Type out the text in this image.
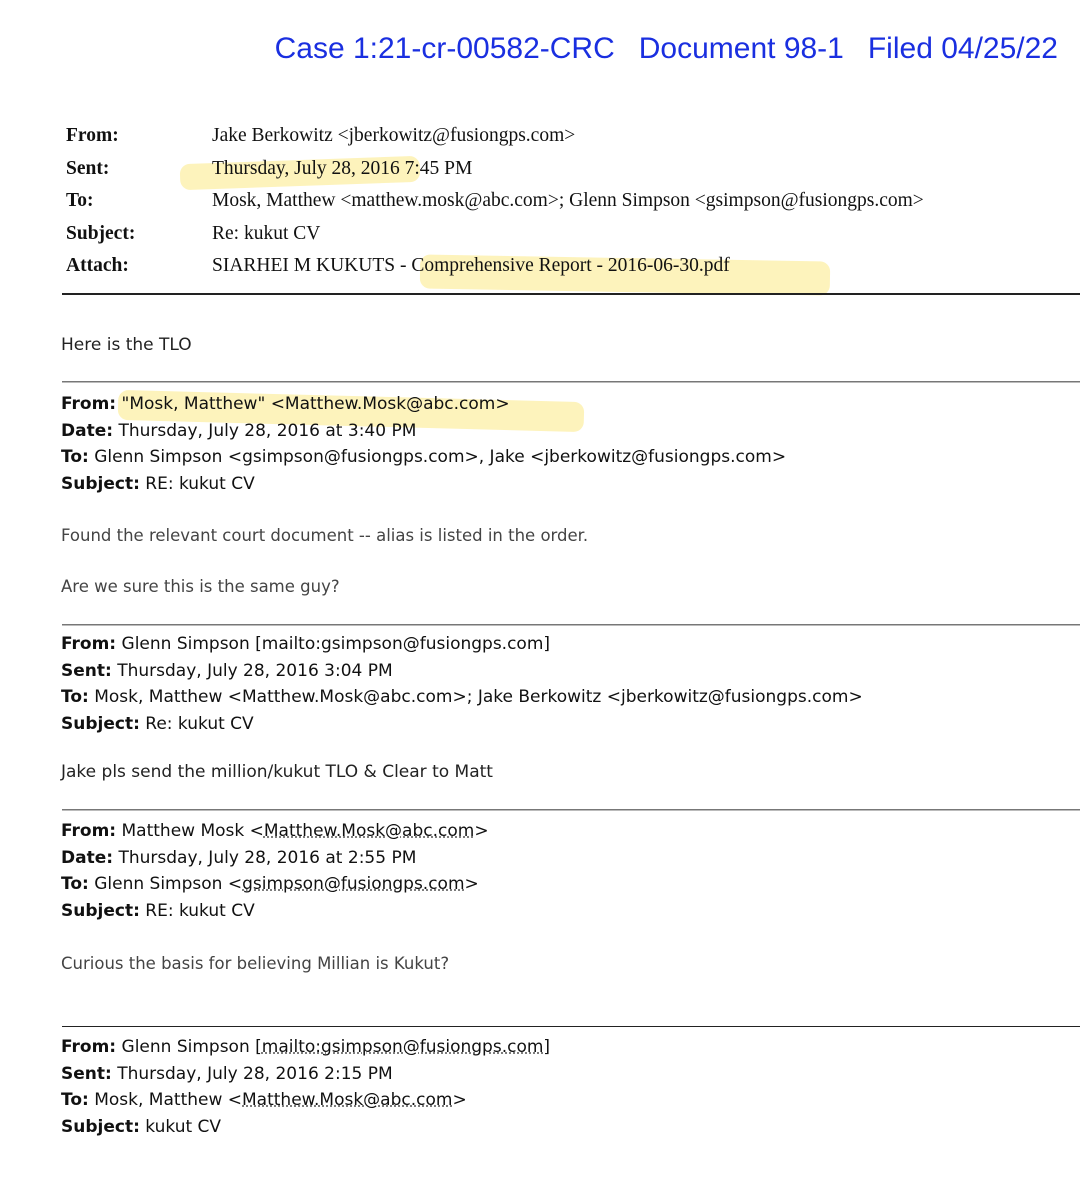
Case 1:21-cr-00582-CRC Document 98-1 Filed 04/25/22
From:	Jake Berkowitz <jberkowitz@fusiongps.com>
Sent:	Thursday, July 28, 2016 7:45 PM
To:	Mosk, Matthew <matthew.mosk@abc.com>; Glenn Simpson <gsimpson@fusiongps.com>
Subject:	Re: kukut CV
Attach:	SIARHEI M KUKUTS - Comprehensive Report - 2016-06-30.pdf
Here is the TLO
From: "Mosk, Matthew" <Matthew.Mosk@abc.com>
Date: Thursday, July 28, 2016 at 3:40 PM
To: Glenn Simpson <gsimpson@fusiongps.com>, Jake <jberkowitz@fusiongps.com>
Subject: RE: kukut CV
Found the relevant court document -- alias is listed in the order.
Are we sure this is the same guy?
From: Glenn Simpson [mailto:gsimpson@fusiongps.com]
Sent: Thursday, July 28, 2016 3:04 PM
To: Mosk, Matthew <Matthew.Mosk@abc.com>; Jake Berkowitz <jberkowitz@fusiongps.com>
Subject: Re: kukut CV
Jake pls send the million/kukut TLO & Clear to Matt
From: Matthew Mosk <Matthew.Mosk@abc.com>
Date: Thursday, July 28, 2016 at 2:55 PM
To: Glenn Simpson <gsimpson@fusiongps.com>
Subject: RE: kukut CV
Curious the basis for believing Millian is Kukut?
From: Glenn Simpson [mailto:gsimpson@fusiongps.com]
Sent: Thursday, July 28, 2016 2:15 PM
To: Mosk, Matthew <Matthew.Mosk@abc.com>
Subject: kukut CV
